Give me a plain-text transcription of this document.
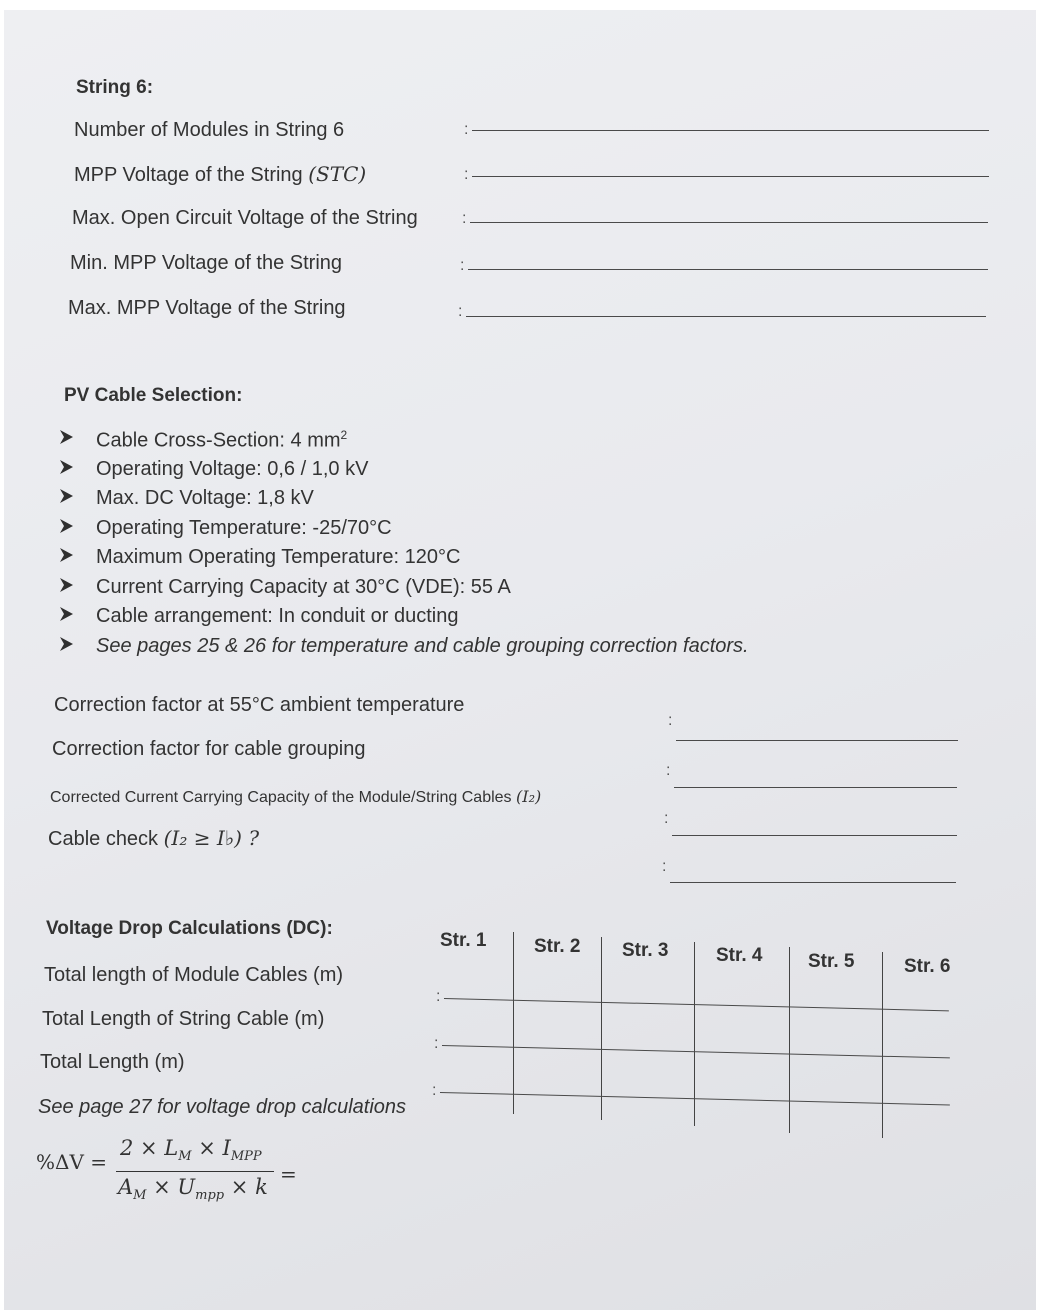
String 6:
Number of Modules in String 6	:
MPP Voltage of the String (STC)	:
Max. Open Circuit Voltage of the String	:
Min. MPP Voltage of the String	:
Max. MPP Voltage of the String	:
PV Cable Selection:
Cable Cross-Section: 4 $mm^2$
Operating Voltage: 0,6 / 1,0 kV
Max. DC Voltage: 1,8 kV
Operating Temperature: -25/70°C
Maximum Operating Temperature: 120°C
Current Carrying Capacity at 30°C (VDE): 55 A
Cable arrangement: In conduit or ducting
See pages 25 & 26 for temperature and cable grouping correction factors.
Correction factor at 55°C ambient temperature
:
Correction factor for cable grouping
:
Corrected Current Carrying Capacity of the Module/String Cables (I₂)
:
Cable check (I₂ ≥ I♭) ?
:
Voltage Drop Calculations (DC):
Str. 1	Str. 2 Str. 3	Str. 4 Str. 5	Str. 6
Total length of Module Cables (m)
:
Total Length of String Cable (m)
:
Total Length (m)
:
See page 27 for voltage drop calculations
%ΔV =
$2 \times L_M \times I_{MPP}$
$A_M \times U_{mpp} \times k$
=
